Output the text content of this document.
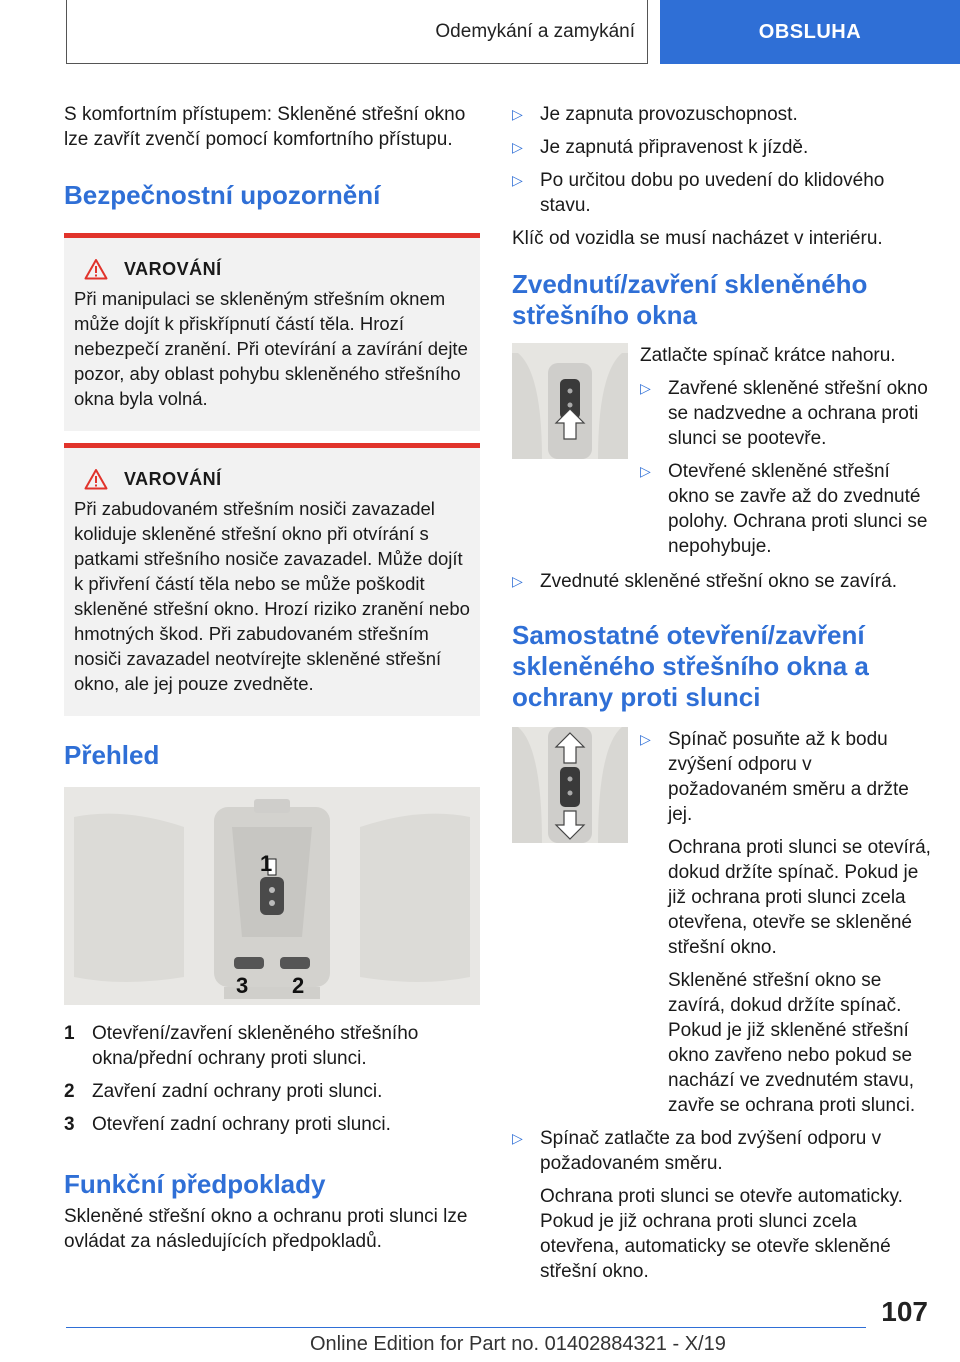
Odemykání a zamykání	OBSLUHA

S komfortním přístupem: Skleněné střešní okno lze zavřít zvenčí pomocí komfortního přístupu.

Bezpečnostní upozornění
VAROVÁNÍ

Při manipulaci se skleněným střešním oknem může dojít k přiskřípnutí částí těla. Hrozí nebezpečí zranění. Při otevírání a zavírání dejte pozor, aby oblast pohybu skleněného střešního okna byla volná.

VAROVÁNÍ

Při zabudovaném střešním nosiči zavazadel koliduje skleněné střešní okno při otvírání s patkami střešního nosiče zavazadel. Může dojít k přivření částí těla nebo se může poškodit skleněné střešní okno. Hrozí riziko zranění nebo hmotných škod. Při zabudovaném střešním nosiči zavazadel neotvírejte skleněné střešní okno, ale jej pouze zvedněte.

Přehled
1
3 2
1 Otevření/zavření skleněného střešního okna/přední ochrany proti slunci.
2 Zavření zadní ochrany proti slunci.
3 Otevření zadní ochrany proti slunci.
Funkční předpoklady

Skleněné střešní okno a ochranu proti slunci lze ovládat za následujících předpokladů.

▷ Je zapnuta provozuschopnost.
▷ Je zapnutá připravenost k jízdě.
▷ Po určitou dobu po uvedení do klidového stavu.

Klíč od vozidla se musí nacházet v interiéru.

Zvednutí/zavření skleněného střešního okna

Zatlačte spínač krátce nahoru.

▷ Zavřené skleněné střešní okno se nadzvedne a ochrana proti slunci se pootevře.
▷ Otevřené skleněné střešní okno se zavře až do zvednuté polohy. Ochrana proti slunci se nepohybuje.
▷ Zvednuté skleněné střešní okno se zavírá.
Samostatné otevření/zavření skleněného střešního okna a ochrany proti slunci
▷ Spínač posuňte až k bodu zvýšení odporu v požadovaném směru a držte jej.

Ochrana proti slunci se otevírá, dokud držíte spínač. Pokud je již ochrana proti slunci zcela otevřena, otevře se skleněné střešní okno.

Skleněné střešní okno se zavírá, dokud držíte spínač. Pokud je již skleněné střešní okno zavřeno nebo pokud se nachází ve zvednutém stavu, zavře se ochrana proti slunci.

▷ Spínač zatlačte za bod zvýšení odporu v požadovaném směru.

Ochrana proti slunci se otevře automaticky. Pokud je již ochrana proti slunci zcela otevřena, automaticky se otevře skleněné střešní okno.

107
Online Edition for Part no. 01402884321 - X/19
